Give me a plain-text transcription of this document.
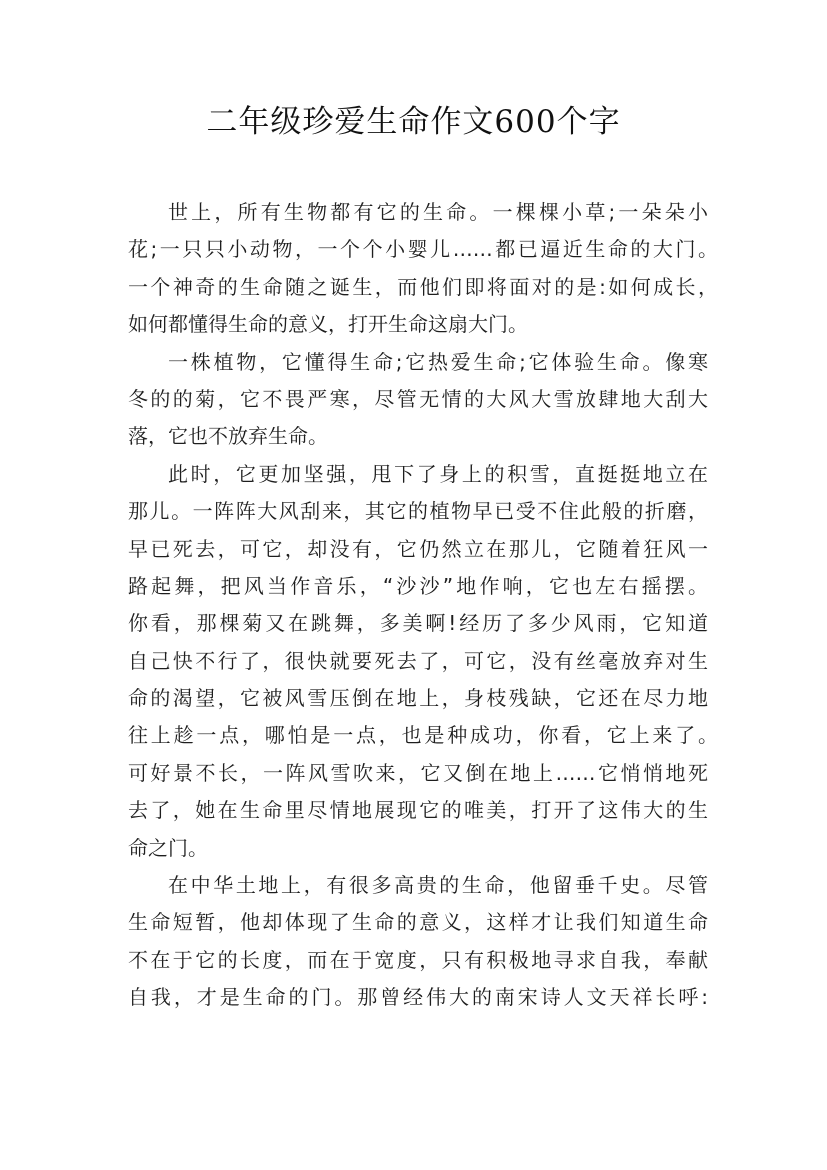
二年级珍爱生命作文600个字
世上，所有生物都有它的生命。一棵棵小草;一朵朵小
花;一只只小动物，一个个小婴儿……都已逼近生命的大门。
一个神奇的生命随之诞生，而他们即将面对的是:如何成长，
如何都懂得生命的意义，打开生命这扇大门。
一株植物，它懂得生命;它热爱生命;它体验生命。像寒
冬的的菊，它不畏严寒，尽管无情的大风大雪放肆地大刮大
落，它也不放弃生命。
此时，它更加坚强，甩下了身上的积雪，直挺挺地立在
那儿。一阵阵大风刮来，其它的植物早已受不住此般的折磨，
早已死去，可它，却没有，它仍然立在那儿，它随着狂风一
路起舞，把风当作音乐，“沙沙”地作响，它也左右摇摆。
你看，那棵菊又在跳舞，多美啊!经历了多少风雨，它知道
自己快不行了，很快就要死去了，可它，没有丝毫放弃对生
命的渴望，它被风雪压倒在地上，身枝残缺，它还在尽力地
往上趁一点，哪怕是一点，也是种成功，你看，它上来了。
可好景不长，一阵风雪吹来，它又倒在地上……它悄悄地死
去了，她在生命里尽情地展现它的唯美，打开了这伟大的生
命之门。
在中华土地上，有很多高贵的生命，他留垂千史。尽管
生命短暂，他却体现了生命的意义，这样才让我们知道生命
不在于它的长度，而在于宽度，只有积极地寻求自我，奉献
自我，才是生命的门。那曾经伟大的南宋诗人文天祥长呼:
